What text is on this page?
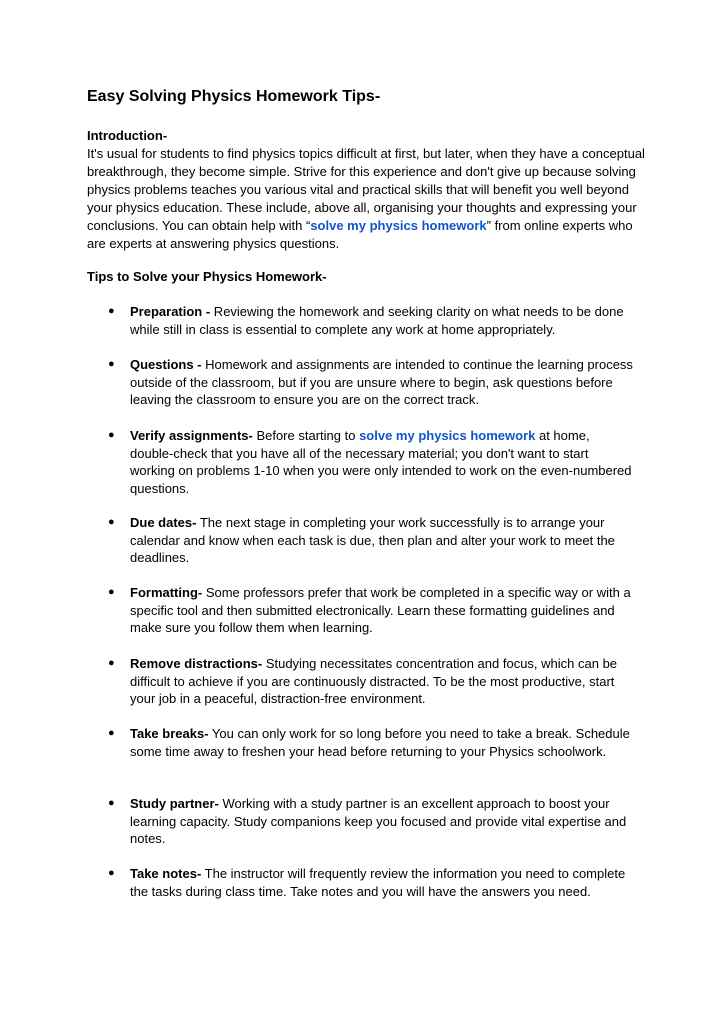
Easy Solving Physics Homework Tips-
Introduction-

It's usual for students to find physics topics difficult at first, but later, when they have a conceptual breakthrough, they become simple. Strive for this experience and don't give up because solving physics problems teaches you various vital and practical skills that will benefit you well beyond your physics education. These include, above all, organising your thoughts and expressing your conclusions. You can obtain help with “solve my physics homework” from online experts who are experts at answering physics questions.

Tips to Solve your Physics Homework-
● Preparation - Reviewing the homework and seeking clarity on what needs to be done while still in class is essential to complete any work at home appropriately.

● Questions - Homework and assignments are intended to continue the learning process outside of the classroom, but if you are unsure where to begin, ask questions before leaving the classroom to ensure you are on the correct track.

● Verify assignments- Before starting to solve my physics homework at home, double-check that you have all of the necessary material; you don't want to start working on problems 1-10 when you were only intended to work on the even-numbered questions.

● Due dates- The next stage in completing your work successfully is to arrange your calendar and know when each task is due, then plan and alter your work to meet the deadlines.

● Formatting- Some professors prefer that work be completed in a specific way or with a specific tool and then submitted electronically. Learn these formatting guidelines and make sure you follow them when learning.

● Remove distractions- Studying necessitates concentration and focus, which can be difficult to achieve if you are continuously distracted. To be the most productive, start your job in a peaceful, distraction-free environment.

● Take breaks- You can only work for so long before you need to take a break. Schedule some time away to freshen your head before returning to your Physics schoolwork.

● Study partner- Working with a study partner is an excellent approach to boost your learning capacity. Study companions keep you focused and provide vital expertise and notes.

● Take notes- The instructor will frequently review the information you need to complete the tasks during class time. Take notes and you will have the answers you need.
